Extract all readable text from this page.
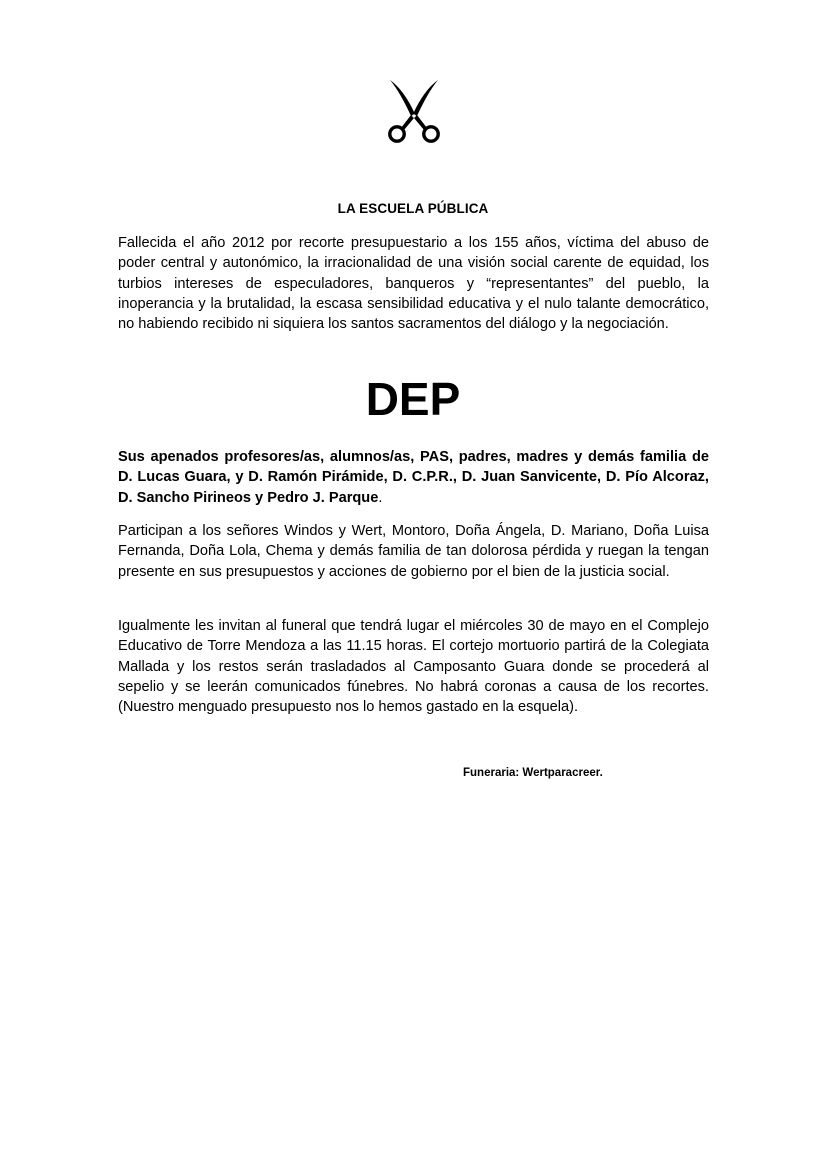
LA ESCUELA PÚBLICA

Fallecida el año 2012 por recorte presupuestario a los 155 años, víctima del abuso de poder central y autonómico, la irracionalidad de una visión social carente de equidad, los turbios intereses de especuladores, banqueros y “representantes” del pueblo, la inoperancia y la brutalidad, la escasa sensibilidad educativa y el nulo talante democrático, no habiendo recibido ni siquiera los santos sacramentos del diálogo y la negociación.

DEP

Sus apenados profesores/as, alumnos/as, PAS, padres, madres y demás familia de D. Lucas Guara, y D. Ramón Pirámide, D. C.P.R., D. Juan Sanvicente, D. Pío Alcoraz, D. Sancho Pirineos y Pedro J. Parque.

Participan a los señores Windos y Wert, Montoro, Doña Ángela, D. Mariano, Doña Luisa Fernanda, Doña Lola, Chema y demás familia de tan dolorosa pérdida y ruegan la tengan presente en sus presupuestos y acciones de gobierno por el bien de la justicia social.

Igualmente les invitan al funeral que tendrá lugar el miércoles 30 de mayo en el Complejo Educativo de Torre Mendoza a las 11.15 horas. El cortejo mortuorio partirá de la Colegiata Mallada y los restos serán trasladados al Camposanto Guara donde se procederá al sepelio y se leerán comunicados fúnebres. No habrá coronas a causa de los recortes. (Nuestro menguado presupuesto nos lo hemos gastado en la esquela).

Funeraria: Wertparacreer.
